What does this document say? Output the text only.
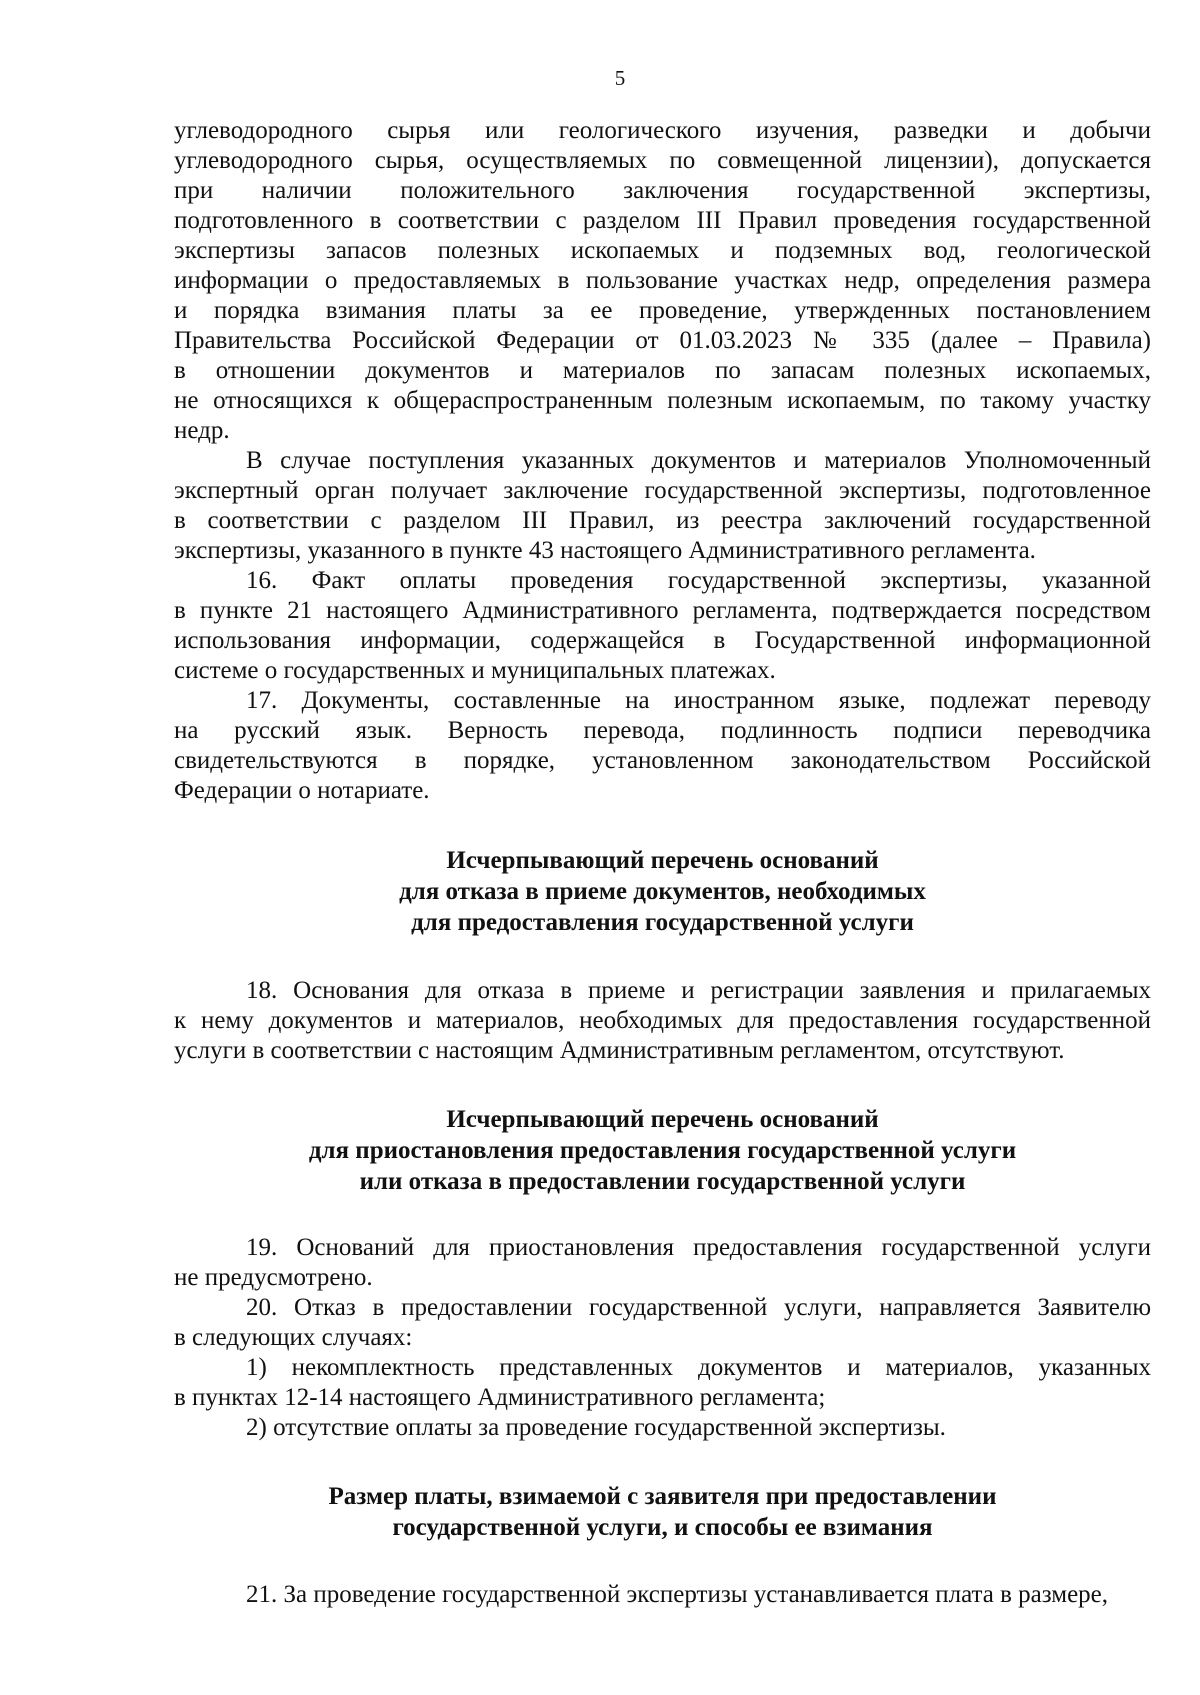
5

углеводородного сырья или геологического изучения, разведки и добычи

углеводородного сырья, осуществляемых по совмещенной лицензии), допускается

при наличии положительного заключения государственной экспертизы,

подготовленного в соответствии с разделом III Правил проведения государственной

экспертизы запасов полезных ископаемых и подземных вод, геологической

информации о предоставляемых в пользование участках недр, определения размера

и порядка взимания платы за ее проведение, утвержденных постановлением

Правительства Российской Федерации от 01.03.2023 № 335 (далее – Правила)

в отношении документов и материалов по запасам полезных ископаемых,

не относящихся к общераспространенным полезным ископаемым, по такому участку

недр.

В случае поступления указанных документов и материалов Уполномоченный

экспертный орган получает заключение государственной экспертизы, подготовленное

в соответствии с разделом III Правил, из реестра заключений государственной

экспертизы, указанного в пункте 43 настоящего Административного регламента.

16. Факт оплаты проведения государственной экспертизы, указанной

в пункте 21 настоящего Административного регламента, подтверждается посредством

использования информации, содержащейся в Государственной информационной

системе о государственных и муниципальных платежах.

17. Документы, составленные на иностранном языке, подлежат переводу

на русский язык. Верность перевода, подлинность подписи переводчика

свидетельствуются в порядке, установленном законодательством Российской

Федерации о нотариате.

Исчерпывающий перечень оснований
для отказа в приеме документов, необходимых
для предоставления государственной услуги

18. Основания для отказа в приеме и регистрации заявления и прилагаемых

к нему документов и материалов, необходимых для предоставления государственной

услуги в соответствии с настоящим Административным регламентом, отсутствуют.

Исчерпывающий перечень оснований
для приостановления предоставления государственной услуги
или отказа в предоставлении государственной услуги

19. Оснований для приостановления предоставления государственной услуги

не предусмотрено.

20. Отказ в предоставлении государственной услуги, направляется Заявителю

в следующих случаях:

1) некомплектность представленных документов и материалов, указанных

в пунктах 12-14 настоящего Административного регламента;

2) отсутствие оплаты за проведение государственной экспертизы.

Размер платы, взимаемой с заявителя при предоставлении
государственной услуги, и способы ее взимания

21. За проведение государственной экспертизы устанавливается плата в размере,
